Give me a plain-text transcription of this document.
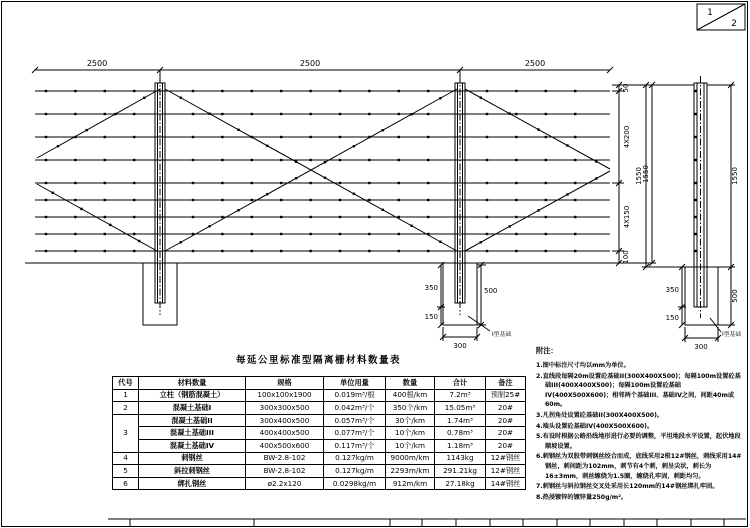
1
2
2500	2500	2500
50
4X200
4X150
100
1550
350
150
500
300
I型基础
1550	1550
500
350
150
300
I型基础
每延公里标准型隔离栅材料数量表
代号	材料数量	规格	单位用量	数量	合计	备注
1	立柱（钢筋混凝土）	100x100x1900	0.019m³/根	400根/km	7.2m³	预制25#
2	混凝土基础I	300x300x500	0.042m³/个	350个/km	15.05m³	20#
3	混凝土基础II	300x400x500	0.057m³/个	30个/km	1.74m³	20#
	混凝土基础III	400x400x500	0.077m³/个	10个/km	0.78m³	20#
	混凝土基础IV	400x500x600	0.117m³/个	10个/km	1.18m³	20#
4	刺钢丝	BW-2.8-102	0.127kg/m	9000m/km	1143kg	12#钢丝
5	斜拉刺钢丝	BW-2.8-102	0.127kg/m	2293m/km	291.21kg	12#钢丝
6	绑扎钢丝	ø2.2x120	0.0298kg/m	912m/km	27.18kg	14#钢丝
附注：
1.图中标注尺寸均以mm为单位。
2.直线段每隔20m设置砼基础II(300X400X500)；每隔100m设置砼基础III(400X400X500)；每隔100m设置砼基础IV(400X500X600)；相邻两个基础III、基础IV之间，间距40m或60m。
3.凡拐角处设置砼基础II(300X400X500)。
4.端头设置砼基础IV(400X500X600)。
5.布设时根据公路沿线地形进行必要的调整，平坦地段水平设置，起伏地段顺坡设置。
6.刺钢丝为双股带刺钢丝绞合而成，底线采用2根12#钢丝，刺线采用14#钢丝，刺间距为102mm，刺节有4个刺，刺呈尖状，刺长为16±3mm，刺丝缠绕为1.5圈，缠绕孔牢固，刺距均匀。
7.刺钢丝与斜拉钢丝交叉处采用长120mm的14#钢丝绑扎牢固。
8.热浸镀锌的镀锌量250g/m²。
